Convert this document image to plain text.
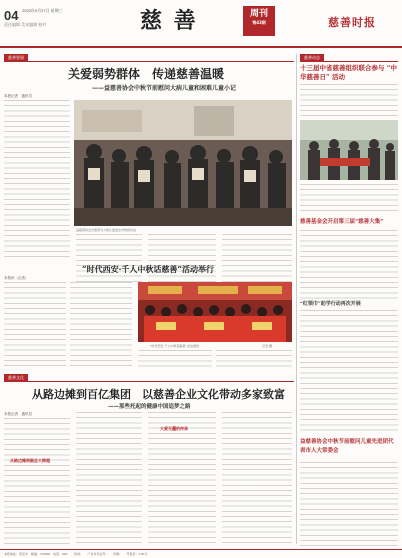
04 2023年9月27日 星期三
责任编辑 美术编辑 校对	慈 善	周刊
第43期	慈善时报
慈善要闻	慈善动态
关爱弱势群体　传递慈善温暖
——益慈善协会中秋节前慰问大病儿童和困难儿童小记
本报记者　通讯员
益慈善协会志愿者为大病儿童送去中秋慰问品
“时代西安·千人中秋话慈善”活动举行
本报讯（记者）
“时代西安·千人中秋话慈善”活动现场	记者 摄
慈善文化
从路边摊到百亿集团　以慈善企业文化带动多家致富
——那些托起的健康中国追梦之路
本报记者　通讯员
从路边摊到副总大跨越
大爱无疆的传承
十三届中省慈善组织联合参与 “中华慈善日” 活动
慈善基金会开启第三届“慈善大集”
“红领巾”助学行动再次开展
益慈善协会中秋节前慰问儿童先进团代表市人大常委会
本报地址：西安市　邮编：710000　电话：029-　　传真：　　广告许可证号：　　印刷：　　零售价：1.00元
